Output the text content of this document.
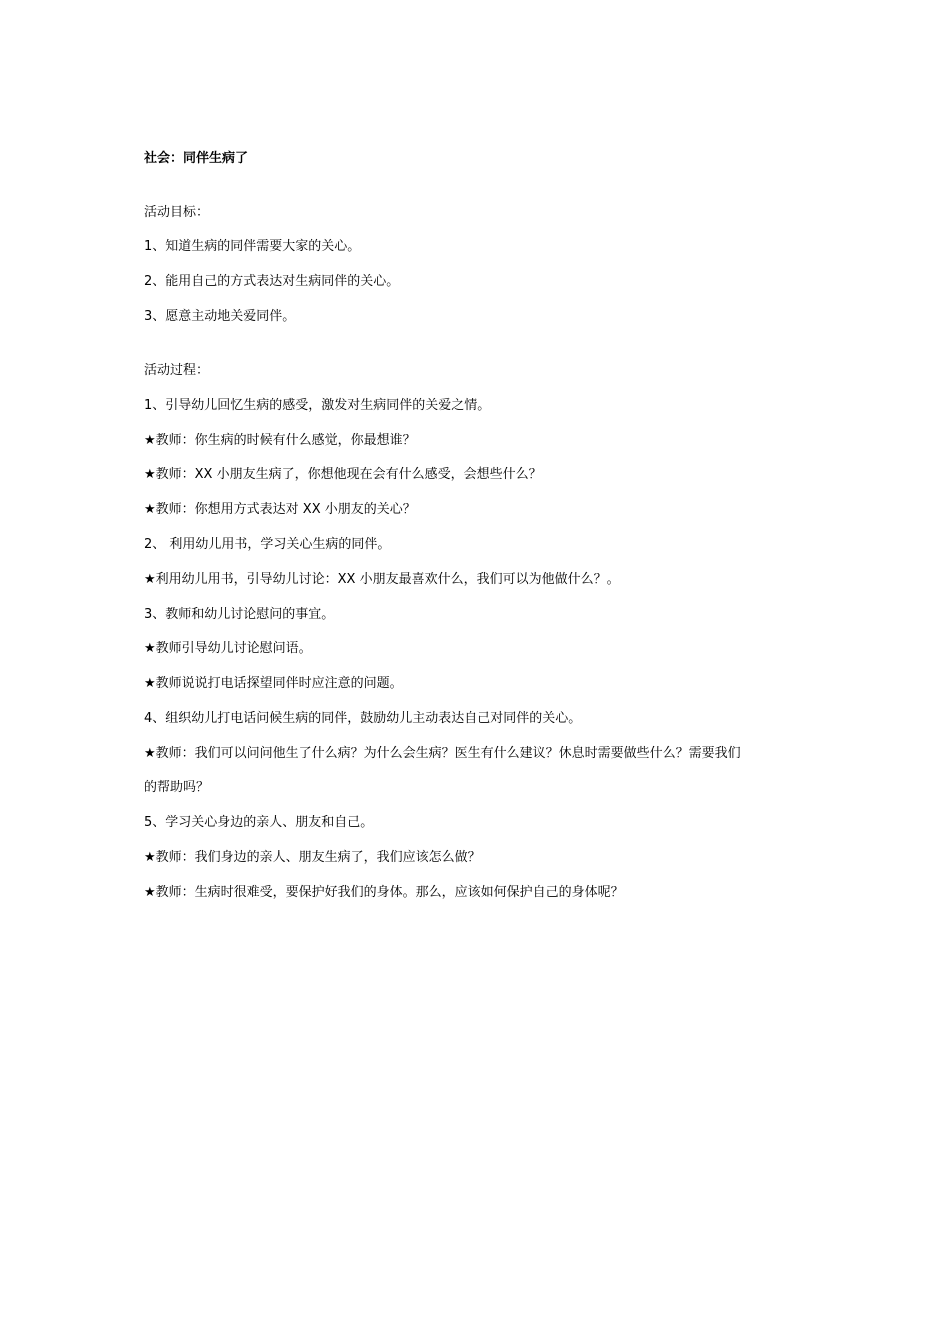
社会：同伴生病了
活动目标：
1、知道生病的同伴需要大家的关心。
2、能用自己的方式表达对生病同伴的关心。
3、愿意主动地关爱同伴。
活动过程：
1、引导幼儿回忆生病的感受，激发对生病同伴的关爱之情。
★教师：你生病的时候有什么感觉，你最想谁？
★教师：XX 小朋友生病了，你想他现在会有什么感受，会想些什么？
★教师：你想用方式表达对 XX 小朋友的关心？
2、 利用幼儿用书，学习关心生病的同伴。
★利用幼儿用书，引导幼儿讨论：XX 小朋友最喜欢什么，我们可以为他做什么？。
3、教师和幼儿讨论慰问的事宜。
★教师引导幼儿讨论慰问语。
★教师说说打电话探望同伴时应注意的问题。
4、组织幼儿打电话问候生病的同伴，鼓励幼儿主动表达自己对同伴的关心。
★教师：我们可以问问他生了什么病？为什么会生病？医生有什么建议？休息时需要做些什么？需要我们
的帮助吗？
5、学习关心身边的亲人、朋友和自己。
★教师：我们身边的亲人、朋友生病了，我们应该怎么做？
★教师：生病时很难受，要保护好我们的身体。那么，应该如何保护自己的身体呢？
